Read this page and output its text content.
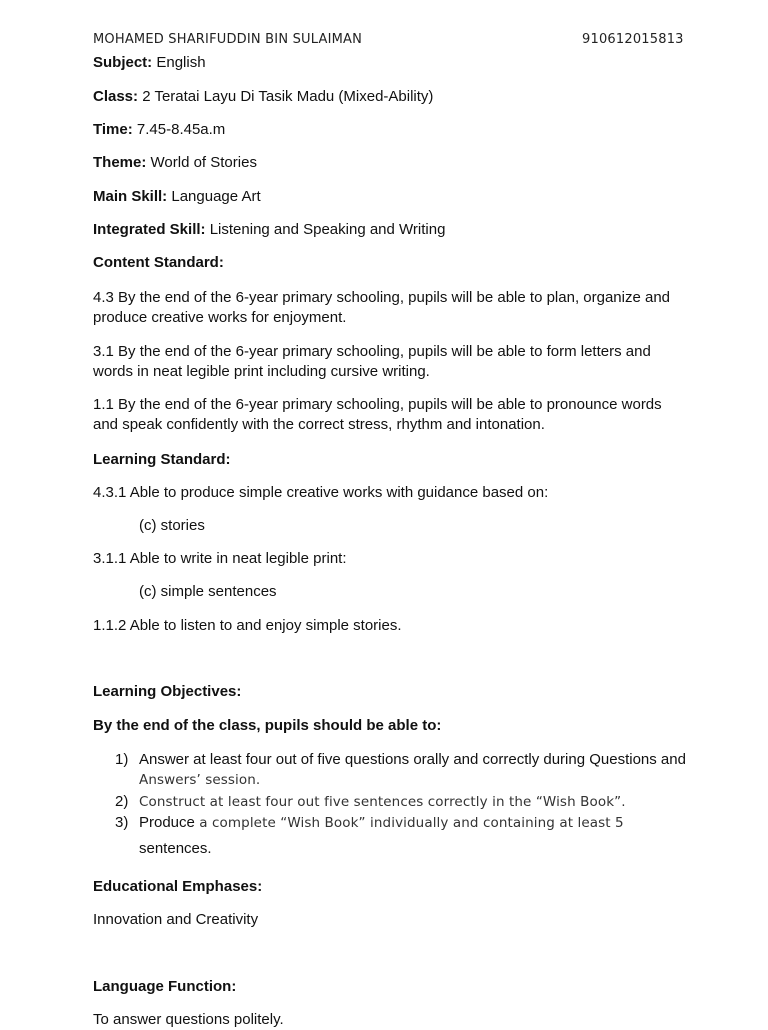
MOHAMED SHARIFUDDIN BIN SULAIMAN	910612015813
Subject: English
Class: 2 Teratai Layu Di Tasik Madu (Mixed-Ability)
Time: 7.45-8.45a.m
Theme: World of Stories
Main Skill: Language Art
Integrated Skill: Listening and Speaking and Writing
Content Standard:
4.3 By the end of the 6-year primary schooling, pupils will be able to plan, organize and produce creative works for enjoyment.
3.1 By the end of the 6-year primary schooling, pupils will be able to form letters and words in neat legible print including cursive writing.
1.1 By the end of the 6-year primary schooling, pupils will be able to pronounce words and speak confidently with the correct stress, rhythm and intonation.
Learning Standard:
4.3.1 Able to produce simple creative works with guidance based on:
(c) stories
3.1.1 Able to write in neat legible print:
(c) simple sentences
1.1.2 Able to listen to and enjoy simple stories.
Learning Objectives:
By the end of the class, pupils should be able to:
1) Answer at least four out of five questions orally and correctly during Questions and Answers’ session.
2) Construct at least four out five sentences correctly in the “Wish Book”.
3) Produce a complete “Wish Book” individually and containing at least 5
sentences.
Educational Emphases:
Innovation and Creativity
Language Function:
To answer questions politely.
